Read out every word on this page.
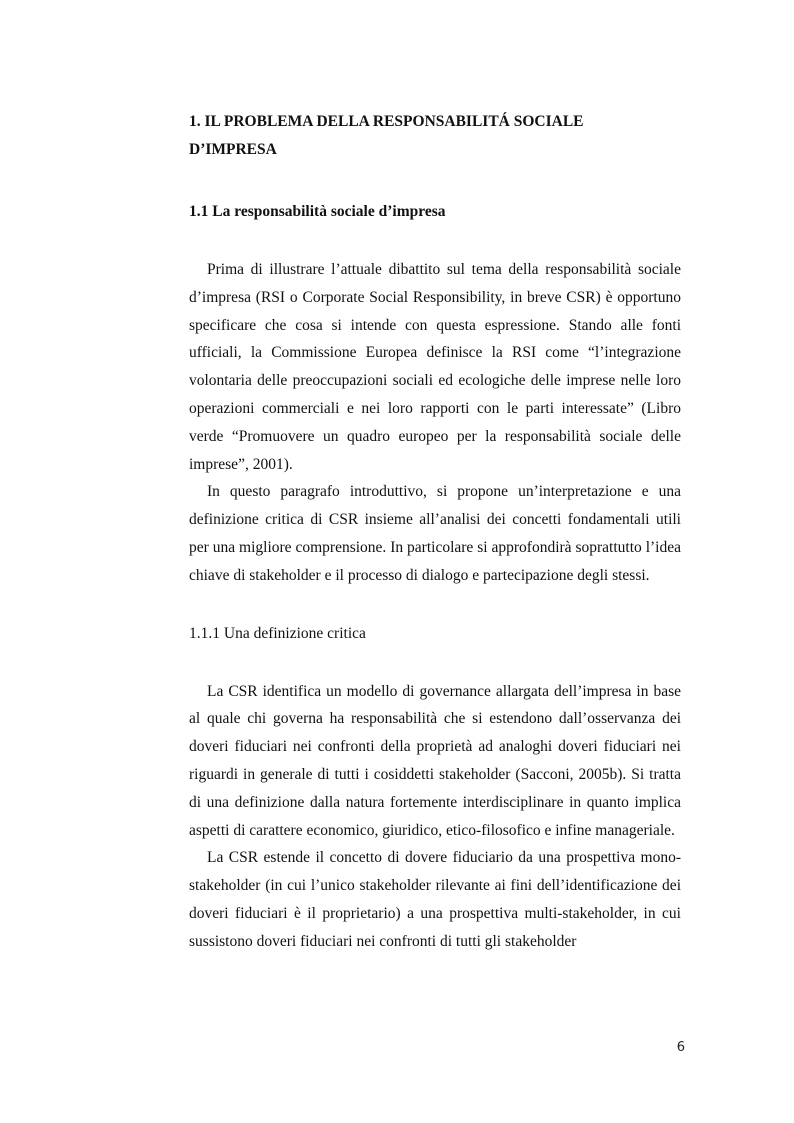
1. IL PROBLEMA DELLA RESPONSABILITÁ SOCIALE
D’IMPRESA
1.1 La responsabilità sociale d’impresa

Prima di illustrare l’attuale dibattito sul tema della responsabilità sociale d’impresa (RSI o Corporate Social Responsibility, in breve CSR) è opportuno specificare che cosa si intende con questa espressione. Stando alle fonti ufficiali, la Commissione Europea definisce la RSI come “l’integrazione volontaria delle preoccupazioni sociali ed ecologiche delle imprese nelle loro operazioni commerciali e nei loro rapporti con le parti interessate” (Libro verde “Promuovere un quadro europeo per la responsabilità sociale delle imprese”, 2001).

In questo paragrafo introduttivo, si propone un’interpretazione e una definizione critica di CSR insieme all’analisi dei concetti fondamentali utili per una migliore comprensione. In particolare si approfondirà soprattutto l’idea chiave di stakeholder e il processo di dialogo e partecipazione degli stessi.

1.1.1 Una definizione critica

La CSR identifica un modello di governance allargata dell’impresa in base al quale chi governa ha responsabilità che si estendono dall’osservanza dei doveri fiduciari nei confronti della proprietà ad analoghi doveri fiduciari nei riguardi in generale di tutti i cosiddetti stakeholder (Sacconi, 2005b). Si tratta di una definizione dalla natura fortemente interdisciplinare in quanto implica aspetti di carattere economico, giuridico, etico-filosofico e infine manageriale.

La CSR estende il concetto di dovere fiduciario da una prospettiva mono-stakeholder (in cui l’unico stakeholder rilevante ai fini dell’identificazione dei doveri fiduciari è il proprietario) a una prospettiva multi-stakeholder, in cui sussistono doveri fiduciari nei confronti di tutti gli stakeholder

6
